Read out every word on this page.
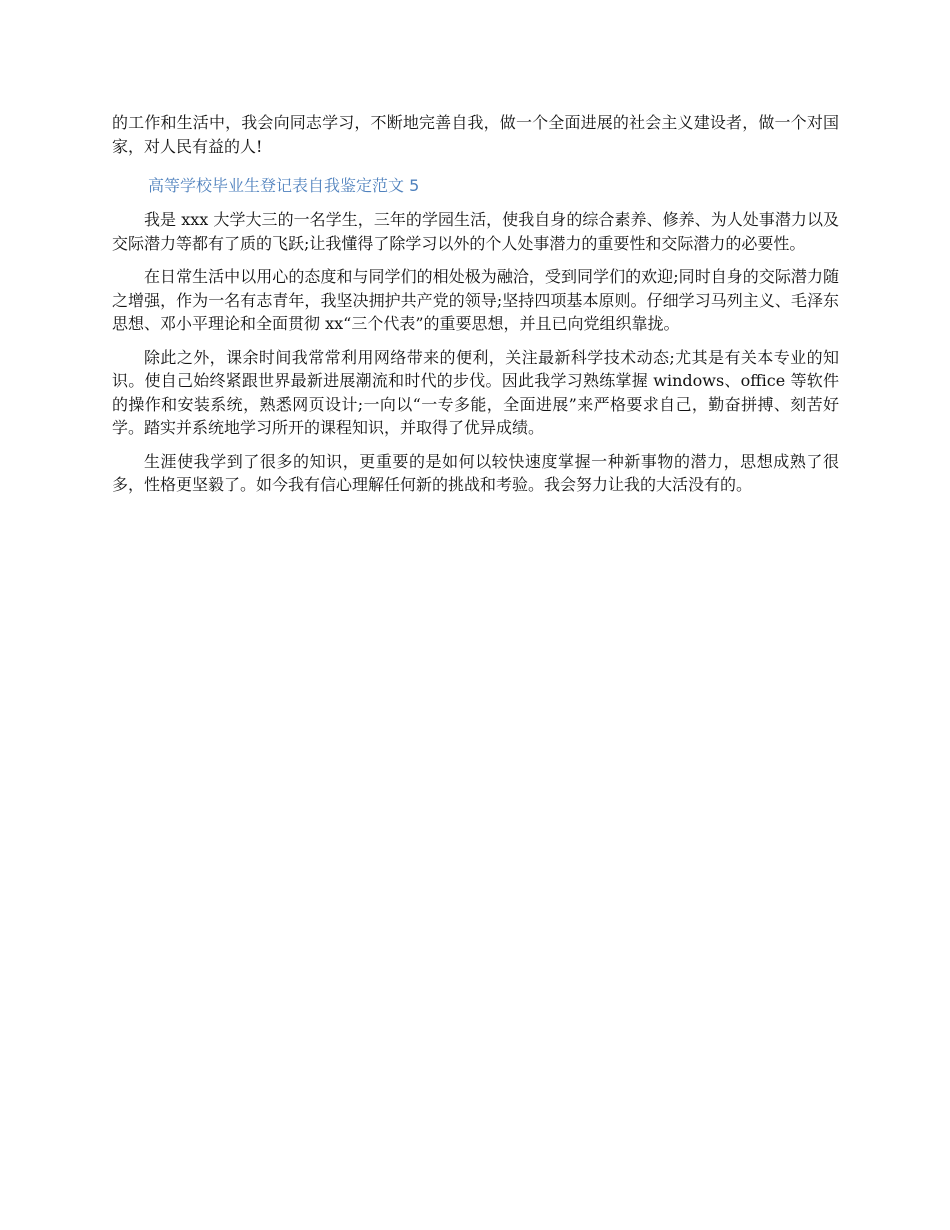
的工作和生活中，我会向同志学习，不断地完善自我，做一个全面进展的社会主义建设者，做一个对国家，对人民有益的人!

高等学校毕业生登记表自我鉴定范文 5

我是 xxx 大学大三的一名学生，三年的学园生活，使我自身的综合素养、修养、为人处事潜力以及交际潜力等都有了质的飞跃;让我懂得了除学习以外的个人处事潜力的重要性和交际潜力的必要性。

在日常生活中以用心的态度和与同学们的相处极为融洽，受到同学们的欢迎;同时自身的交际潜力随之增强，作为一名有志青年，我坚决拥护共产党的领导;坚持四项基本原则。仔细学习马列主义、毛泽东思想、邓小平理论和全面贯彻 xx“三个代表”的重要思想，并且已向党组织靠拢。

除此之外，课余时间我常常利用网络带来的便利，关注最新科学技术动态;尤其是有关本专业的知识。使自己始终紧跟世界最新进展潮流和时代的步伐。因此我学习熟练掌握 windows、office 等软件的操作和安装系统，熟悉网页设计;一向以“一专多能，全面进展”来严格要求自己，勤奋拼搏、刻苦好学。踏实并系统地学习所开的课程知识，并取得了优异成绩。

生涯使我学到了很多的知识，更重要的是如何以较快速度掌握一种新事物的潜力，思想成熟了很多，性格更坚毅了。如今我有信心理解任何新的挑战和考验。我会努力让我的大活没有的。
